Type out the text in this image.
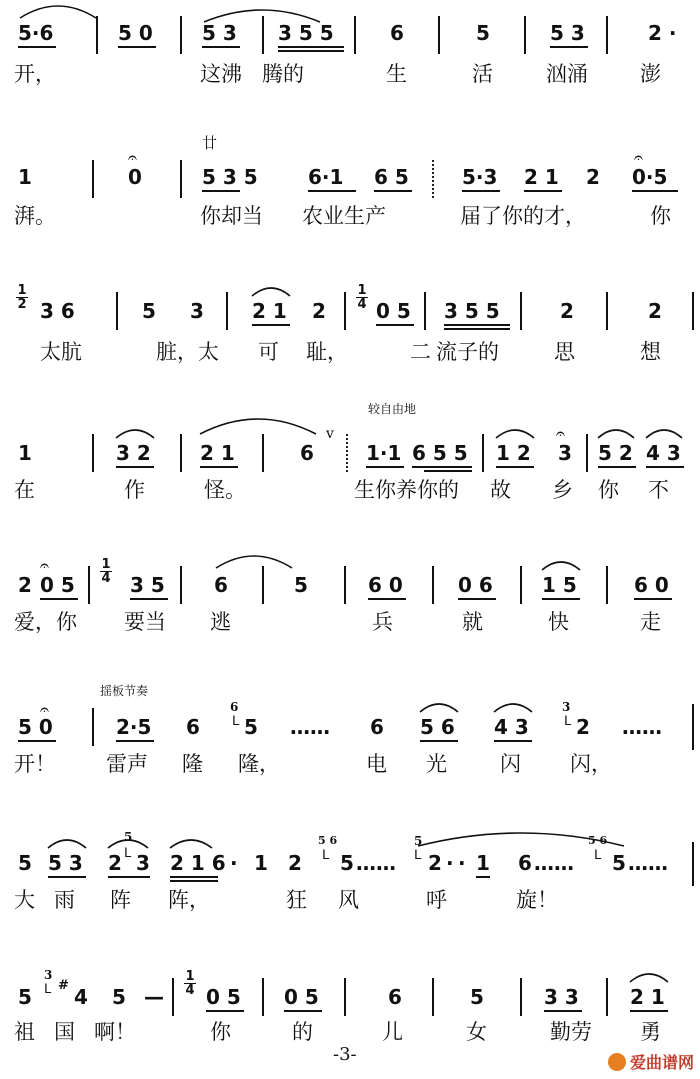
5·6	5 0 5 3 3 5 5	6	5	5 3	2 ·
开，	这沸 腾的	生	活	汹涌 澎
廿
1
𝄐
0	5 3 5	6·1 6 5	5·3 2 1 2
𝄐
0·5
湃。	你却当 农业生产	届了你的才，	你
1
2 3 6	5 3 2 1 2
1
4 0 5 3 5 5	2	2
太肮	脏，太 可 耻，	二 流子的	思	想
较自由地
1	3 2 2 1	6
v
1·1 6 5 5 1 2
𝄐
3 5 2 4 3
在	作	怪。	生你养你的 故 乡 你 不
2
𝄐
0 5
1
4 3 5 6	5	6 0	0 6 1 5	6 0
爱，你 要当 逃	兵	就	快	走
揺板节奏
𝄐
5 0	2·5 6
6
ᒪ 5 …… 6 5 6 4 3
3
ᒪ 2 ……
开！ 雷声 隆 隆，	电 光	闪 闪，
5 5 3 2
5
ᒪ 3 2 1 6 · 1 2
5 6
ᒪ 5 ……
5
ᒪ 2 · · 1 6 ……
5 6
ᒪ 5 ……
大 雨 阵 阵，	狂 风	呼	旋！
5
3
ᒪ # 4 5 —
1
4 0 5 0 5	6	5	3 3	2 1
祖 国 啊！	你	的	儿	女	勤劳 勇
-3-	爱曲谱网
